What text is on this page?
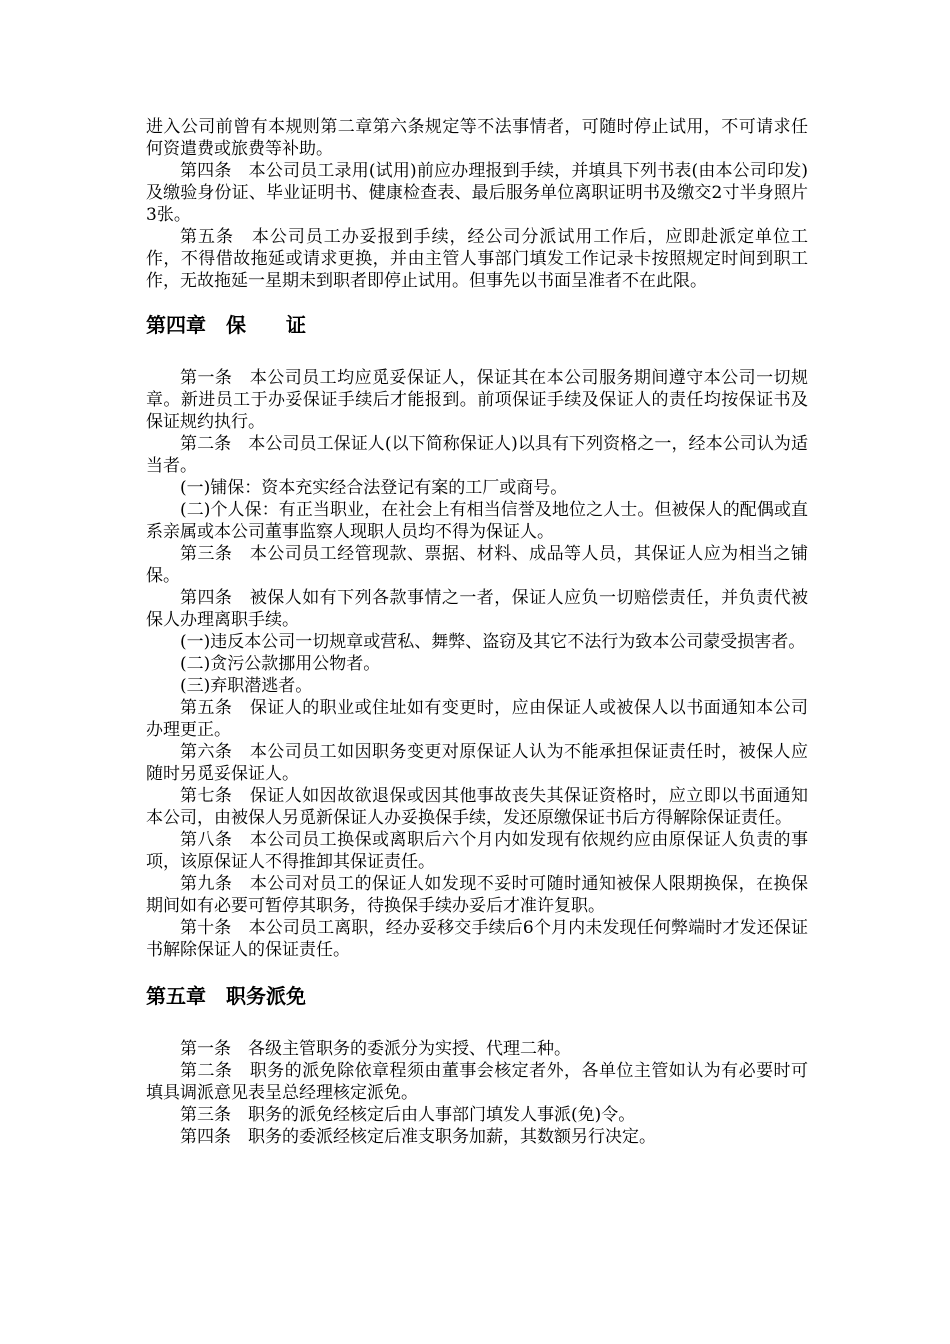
进入公司前曾有本规则第二章第六条规定等不法事情者，可随时停止试用，不可请求任何资遣费或旅费等补助。

第四条　本公司员工录用(试用)前应办理报到手续，并填具下列书表(由本公司印发)及缴验身份证、毕业证明书、健康检查表、最后服务单位离职证明书及缴交2寸半身照片3张。

第五条　本公司员工办妥报到手续，经公司分派试用工作后，应即赴派定单位工作，不得借故拖延或请求更换，并由主管人事部门填发工作记录卡按照规定时间到职工作，无故拖延一星期未到职者即停止试用。但事先以书面呈准者不在此限。

第四章　保　　证

第一条　本公司员工均应觅妥保证人，保证其在本公司服务期间遵守本公司一切规章。新进员工于办妥保证手续后才能报到。前项保证手续及保证人的责任均按保证书及保证规约执行。

第二条　本公司员工保证人(以下简称保证人)以具有下列资格之一，经本公司认为适当者。

(一)铺保：资本充实经合法登记有案的工厂或商号。

(二)个人保：有正当职业，在社会上有相当信誉及地位之人士。但被保人的配偶或直系亲属或本公司董事监察人现职人员均不得为保证人。

第三条　本公司员工经管现款、票据、材料、成品等人员，其保证人应为相当之铺保。

第四条　被保人如有下列各款事情之一者，保证人应负一切赔偿责任，并负责代被保人办理离职手续。

(一)违反本公司一切规章或营私、舞弊、盗窃及其它不法行为致本公司蒙受损害者。

(二)贪污公款挪用公物者。

(三)弃职潜逃者。

第五条　保证人的职业或住址如有变更时，应由保证人或被保人以书面通知本公司办理更正。

第六条　本公司员工如因职务变更对原保证人认为不能承担保证责任时，被保人应随时另觅妥保证人。

第七条　保证人如因故欲退保或因其他事故丧失其保证资格时，应立即以书面通知本公司，由被保人另觅新保证人办妥换保手续，发还原缴保证书后方得解除保证责任。

第八条　本公司员工换保或离职后六个月内如发现有依规约应由原保证人负责的事项，该原保证人不得推卸其保证责任。

第九条　本公司对员工的保证人如发现不妥时可随时通知被保人限期换保，在换保期间如有必要可暂停其职务，待换保手续办妥后才准许复职。

第十条　本公司员工离职，经办妥移交手续后6个月内未发现任何弊端时才发还保证书解除保证人的保证责任。

第五章　职务派免

第一条　各级主管职务的委派分为实授、代理二种。

第二条　职务的派免除依章程须由董事会核定者外，各单位主管如认为有必要时可填具调派意见表呈总经理核定派免。

第三条　职务的派免经核定后由人事部门填发人事派(免)令。

第四条　职务的委派经核定后准支职务加薪，其数额另行决定。
